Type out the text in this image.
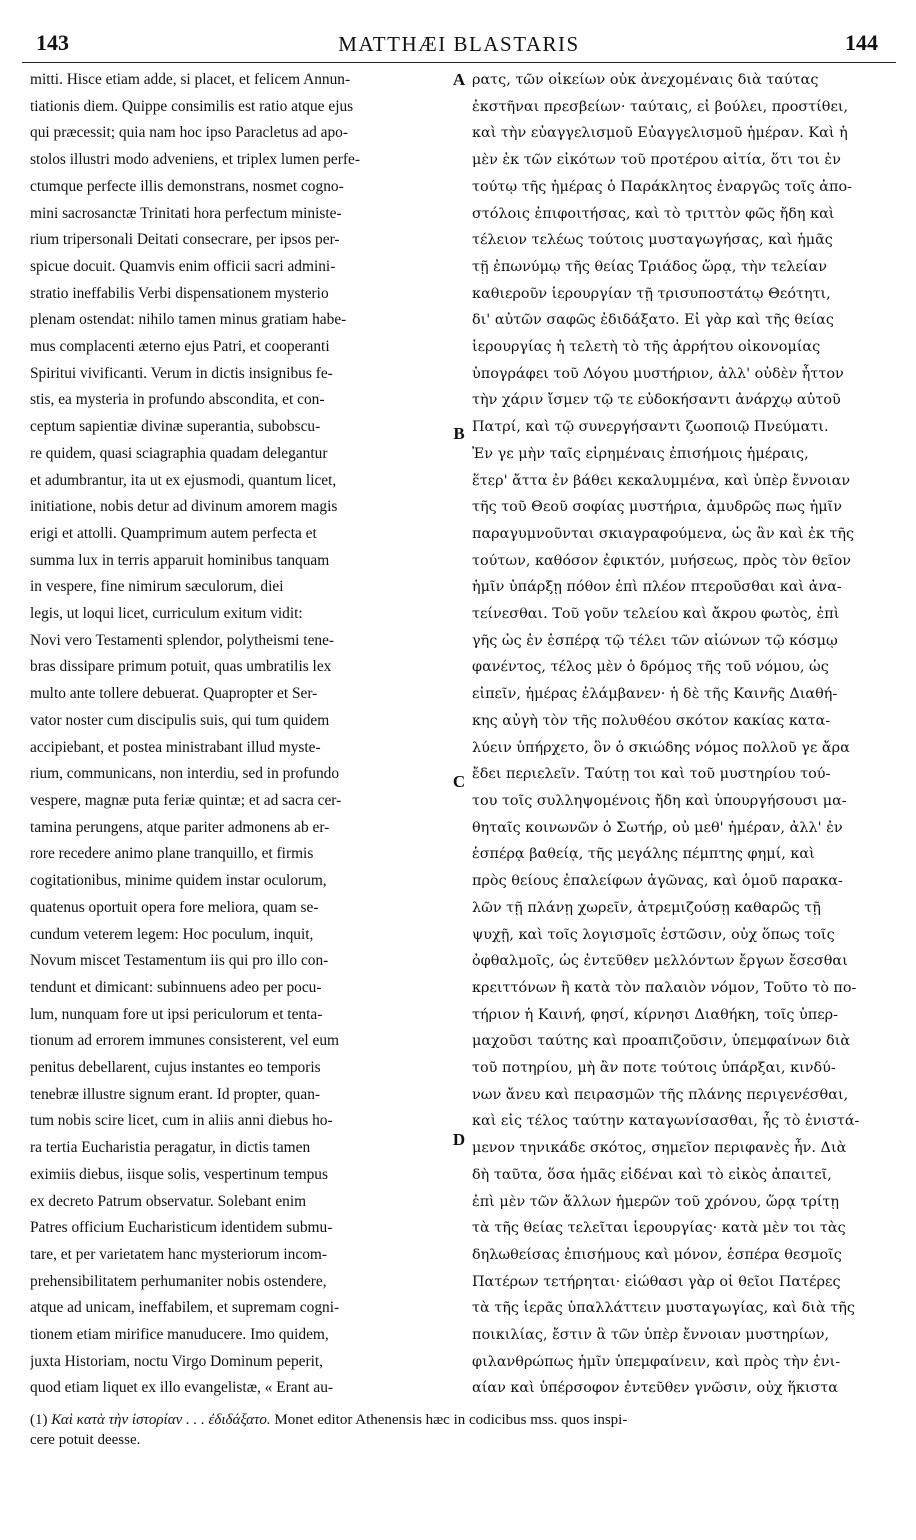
143	MATTHÆI BLASTARIS	144
mitti. Hisce etiam adde, si placet, et felicem Annun-
tiationis diem. Quippe consimilis est ratio atque ejus
qui præcessit; quia nam hoc ipso Paracletus ad apo-
stolos illustri modo adveniens, et triplex lumen perfe-
ctumque perfecte illis demonstrans, nosmet cogno-
mini sacrosanctæ Trinitati hora perfectum ministe-
rium tripersonali Deitati consecrare, per ipsos per-
spicue docuit. Quamvis enim officii sacri admini-
stratio ineffabilis Verbi dispensationem mysterio
plenam ostendat: nihilo tamen minus gratiam habe-
mus complacenti æterno ejus Patri, et cooperanti
Spiritui vivificanti. Verum in dictis insignibus fe-
stis, ea mysteria in profundo abscondita, et con-
ceptum sapientiæ divinæ superantia, subobscu-
re quidem, quasi sciagraphia quadam delegantur
et adumbrantur, ita ut ex ejusmodi, quantum licet,
initiatione, nobis detur ad divinum amorem magis
erigi et attolli. Quamprimum autem perfecta et
summa lux in terris apparuit hominibus tanquam
in vespere, fine nimirum sæculorum, diei
legis, ut loqui licet, curriculum exitum vidit:
Novi vero Testamenti splendor, polytheismi tene-
bras dissipare primum potuit, quas umbratilis lex
multo ante tollere debuerat. Quapropter et Ser-
vator noster cum discipulis suis, qui tum quidem
accipiebant, et postea ministrabant illud myste-
rium, communicans, non interdiu, sed in profundo
vespere, magnæ puta feriæ quintæ; et ad sacra cer-
tamina perungens, atque pariter admonens ab er-
rore recedere animo plane tranquillo, et firmis
cogitationibus, minime quidem instar oculorum,
quatenus oportuit opera fore meliora, quam se-
cundum veterem legem: Hoc poculum, inquit,
Novum miscet Testamentum iis qui pro illo con-
tendunt et dimicant: subinnuens adeo per pocu-
lum, nunquam fore ut ipsi periculorum et tenta-
tionum ad errorem immunes consisterent, vel eum
penitus debellarent, cujus instantes eo temporis
tenebræ illustre signum erant. Id propter, quan-
tum nobis scire licet, cum in aliis anni diebus ho-
ra tertia Eucharistia peragatur, in dictis tamen
eximiis diebus, iisque solis, vespertinum tempus
ex decreto Patrum observatur. Solebant enim
Patres officium Eucharisticum identidem submu-
tare, et per varietatem hanc mysteriorum incom-
prehensibilitatem perhumaniter nobis ostendere,
atque ad unicam, ineffabilem, et supremam cogni-
tionem etiam mirifice manuducere. Imo quidem,
juxta Historiam, noctu Virgo Dominum peperit,
quod etiam liquet ex illo evangelistæ, « Erant au-
ρατς, τῶν οἰκείων οὐκ ἀνεχομέναις διὰ ταύτας
ἐκστῆναι πρεσβείων· ταύταις, εἰ βούλει, προστίθει,
καὶ τὴν εὐαγγελισμοῦ Εὐαγγελισμοῦ ἡμέραν. Καὶ ἡ
μὲν ἐκ τῶν εἰκότων τοῦ προτέρου αἰτία, ὅτι τοι ἐν
τούτῳ τῆς ἡμέρας ὁ Παράκλητος ἐναργῶς τοῖς ἀπο-
στόλοις ἐπιφοιτήσας, καὶ τὸ τριττὸν φῶς ἤδη καὶ
τέλειον τελέως τούτοις μυσταγωγήσας, καὶ ἡμᾶς
τῇ ἐπωνύμῳ τῆς θείας Τριάδος ὥρᾳ, τὴν τελείαν
καθιεροῦν ἱερουργίαν τῇ τρισυποστάτῳ Θεότητι,
δι' αὐτῶν σαφῶς ἐδιδάξατο. Εἰ γὰρ καὶ τῆς θείας
ἱερουργίας ἡ τελετὴ τὸ τῆς ἀρρήτου οἰκονομίας
ὑπογράφει τοῦ Λόγου μυστήριον, ἀλλ' οὐδὲν ἧττον
τὴν χάριν ἴσμεν τῷ τε εὐδοκήσαντι ἀνάρχῳ αὐτοῦ
Πατρί, καὶ τῷ συνεργήσαντι ζωοποιῷ Πνεύματι.
Ἐν γε μὴν ταῖς εἰρημέναις ἐπισήμοις ἡμέραις,
ἕτερ' ἄττα ἐν βάθει κεκαλυμμένα, καὶ ὑπὲρ ἔννοιαν
τῆς τοῦ Θεοῦ σοφίας μυστήρια, ἀμυδρῶς πως ἡμῖν
παραγυμνοῦνται σκιαγραφούμενα, ὡς ἂν καὶ ἐκ τῆς
τούτων, καθόσον ἐφικτόν, μυήσεως, πρὸς τὸν θεῖον
ἡμῖν ὑπάρξῃ πόθον ἐπὶ πλέον πτεροῦσθαι καὶ ἀνα-
τείνεσθαι. Τοῦ γοῦν τελείου καὶ ἄκρου φωτὸς, ἐπὶ
γῆς ὡς ἐν ἑσπέρᾳ τῷ τέλει τῶν αἰώνων τῷ κόσμῳ
φανέντος, τέλος μὲν ὁ δρόμος τῆς τοῦ νόμου, ὡς
εἰπεῖν, ἡμέρας ἐλάμβανεν· ἡ δὲ τῆς Καινῆς Διαθή-
κης αὐγὴ τὸν τῆς πολυθέου σκότον κακίας κατα-
λύειν ὑπήρχετο, ὃν ὁ σκιώδης νόμος πολλοῦ γε ἄρα
ἔδει περιελεῖν. Ταύτῃ τοι καὶ τοῦ μυστηρίου τού-
του τοῖς συλληψομένοις ἤδη καὶ ὑπουργήσουσι μα-
θηταῖς κοινωνῶν ὁ Σωτήρ, οὐ μεθ' ἡμέραν, ἀλλ' ἐν
ἑσπέρᾳ βαθείᾳ, τῆς μεγάλης πέμπτης φημί, καὶ
πρὸς θείους ἐπαλείφων ἀγῶνας, καὶ ὁμοῦ παρακα-
λῶν τῇ πλάνῃ χωρεῖν, ἀτρεμιζούσῃ καθαρῶς τῇ
ψυχῇ, καὶ τοῖς λογισμοῖς ἑστῶσιν, οὐχ ὅπως τοῖς
ὀφθαλμοῖς, ὡς ἐντεῦθεν μελλόντων ἔργων ἔσεσθαι
κρειττόνων ἢ κατὰ τὸν παλαιὸν νόμον, Τοῦτο τὸ πο-
τήριον ἡ Καινή, φησί, κίρνησι Διαθήκη, τοῖς ὑπερ-
μαχοῦσι ταύτης καὶ προαπιζοῦσιν, ὑπεμφαίνων διὰ
τοῦ ποτηρίου, μὴ ἂν ποτε τούτοις ὑπάρξαι, κινδύ-
νων ἄνευ καὶ πειρασμῶν τῆς πλάνης περιγενέσθαι,
καὶ εἰς τέλος ταύτην καταγωνίσασθαι, ἧς τὸ ἐνιστά-
μενον τηνικάδε σκότος, σημεῖον περιφανὲς ἦν. Διὰ
δὴ ταῦτα, ὅσα ἡμᾶς εἰδέναι καὶ τὸ εἰκὸς ἀπαιτεῖ,
ἐπὶ μὲν τῶν ἄλλων ἡμερῶν τοῦ χρόνου, ὥρᾳ τρίτῃ
τὰ τῆς θείας τελεῖται ἱερουργίας· κατὰ μὲν τοι τὰς
δηλωθείσας ἐπισήμους καὶ μόνον, ἑσπέρα θεσμοῖς
Πατέρων τετήρηται· εἰώθασι γὰρ οἱ θεῖοι Πατέρες
τὰ τῆς ἱερᾶς ὑπαλλάττειν μυσταγωγίας, καὶ διὰ τῆς
ποικιλίας, ἔστιν ἃ τῶν ὑπὲρ ἔννοιαν μυστηρίων,
φιλανθρώπως ἡμῖν ὑπεμφαίνειν, καὶ πρὸς τὴν ἐνι-
αίαν καὶ ὑπέρσοφον ἐντεῦθεν γνῶσιν, οὐχ ἥκιστα
A
B
C
D
(1) Καὶ κατὰ τὴν ἱστορίαν . . . ἐδιδάξατο. Monet editor Athenensis hæc in codicibus mss. quos inspi-
cere potuit deesse.
